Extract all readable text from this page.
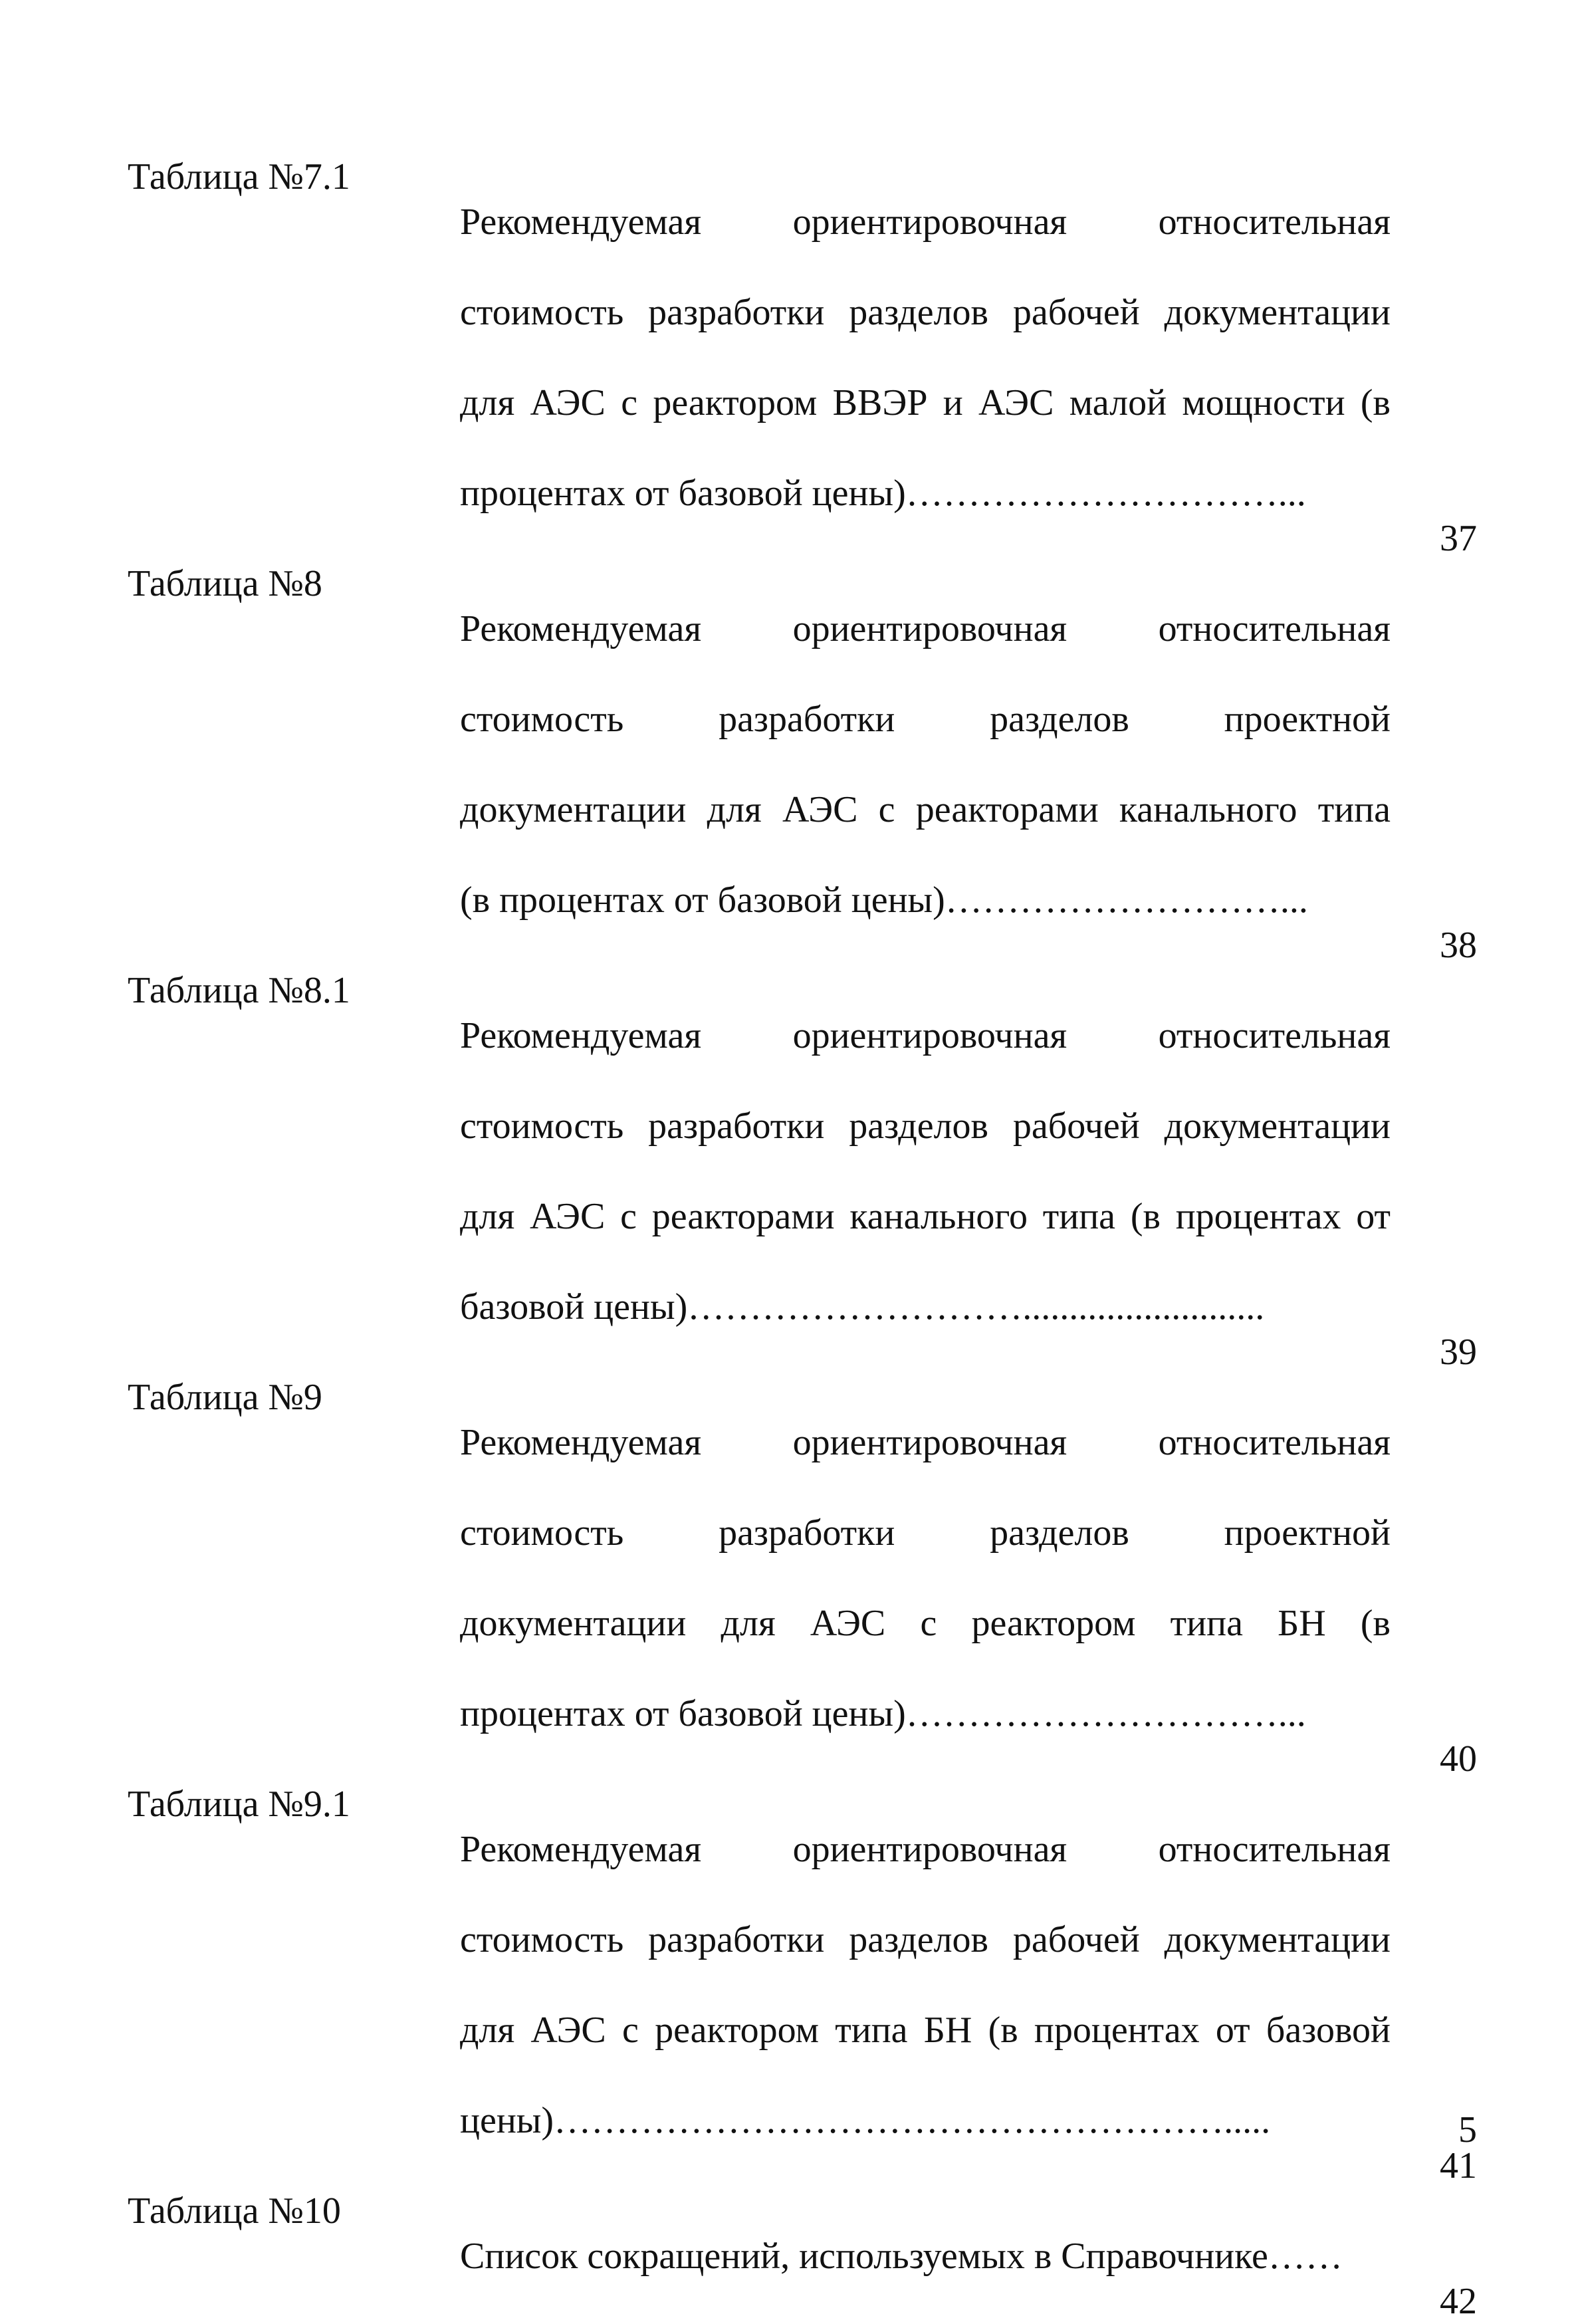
Таблица №7.1

Рекомендуемая ориентировочная относительная

стоимость разработки разделов рабочей документации

для АЭС с реактором ВВЭР и АЭС малой мощности (в

процентах от базовой цены)…………………………...

37
Таблица №8

Рекомендуемая ориентировочная относительная

стоимость разработки разделов проектной

документации для АЭС с реакторами канального типа

(в процентах от базовой цены)………………………...

38
Таблица №8.1

Рекомендуемая ориентировочная относительная

стоимость разработки разделов рабочей документации

для АЭС с реакторами канального типа (в процентах от

базовой цены)………………………..........................

39
Таблица №9

Рекомендуемая ориентировочная относительная

стоимость разработки разделов проектной

документации для АЭС с реактором типа БН (в

процентах от базовой цены)…………………………...

40
Таблица №9.1

Рекомендуемая ориентировочная относительная

стоимость разработки разделов рабочей документации

для АЭС с реактором типа БН (в процентах от базовой

цены)……………………………………………….....

41
Таблица №10

Список сокращений, используемых в Справочнике……

42
5
